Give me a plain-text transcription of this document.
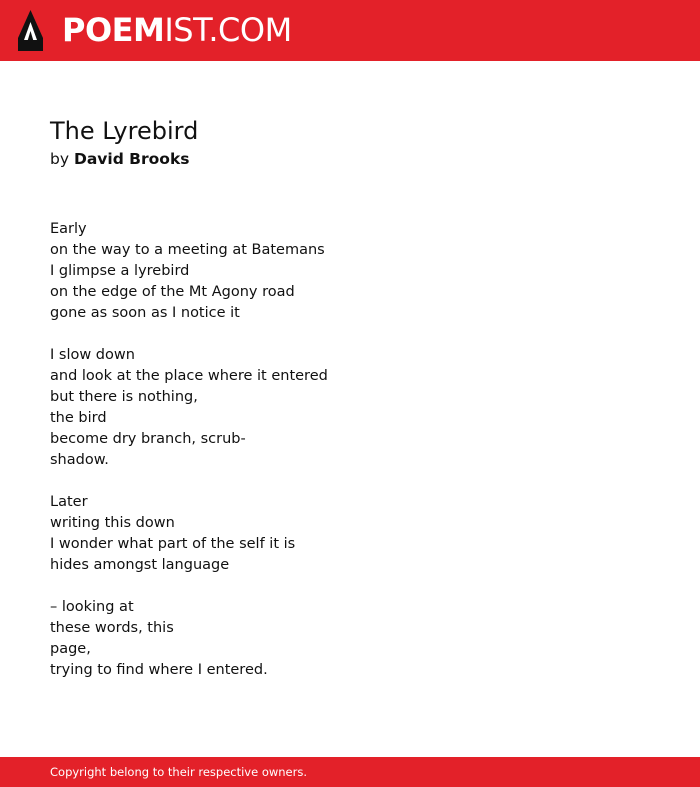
POEMIST.COM
The Lyrebird
by David Brooks
Early
on the way to a meeting at Batemans
I glimpse a lyrebird
on the edge of the Mt Agony road
gone as soon as I notice it
I slow down
and look at the place where it entered
but there is nothing,
the bird
become dry branch, scrub-
shadow.
Later
writing this down
I wonder what part of the self it is
hides amongst language
– looking at
these words, this
page,
trying to find where I entered.
Copyright belong to their respective owners.
